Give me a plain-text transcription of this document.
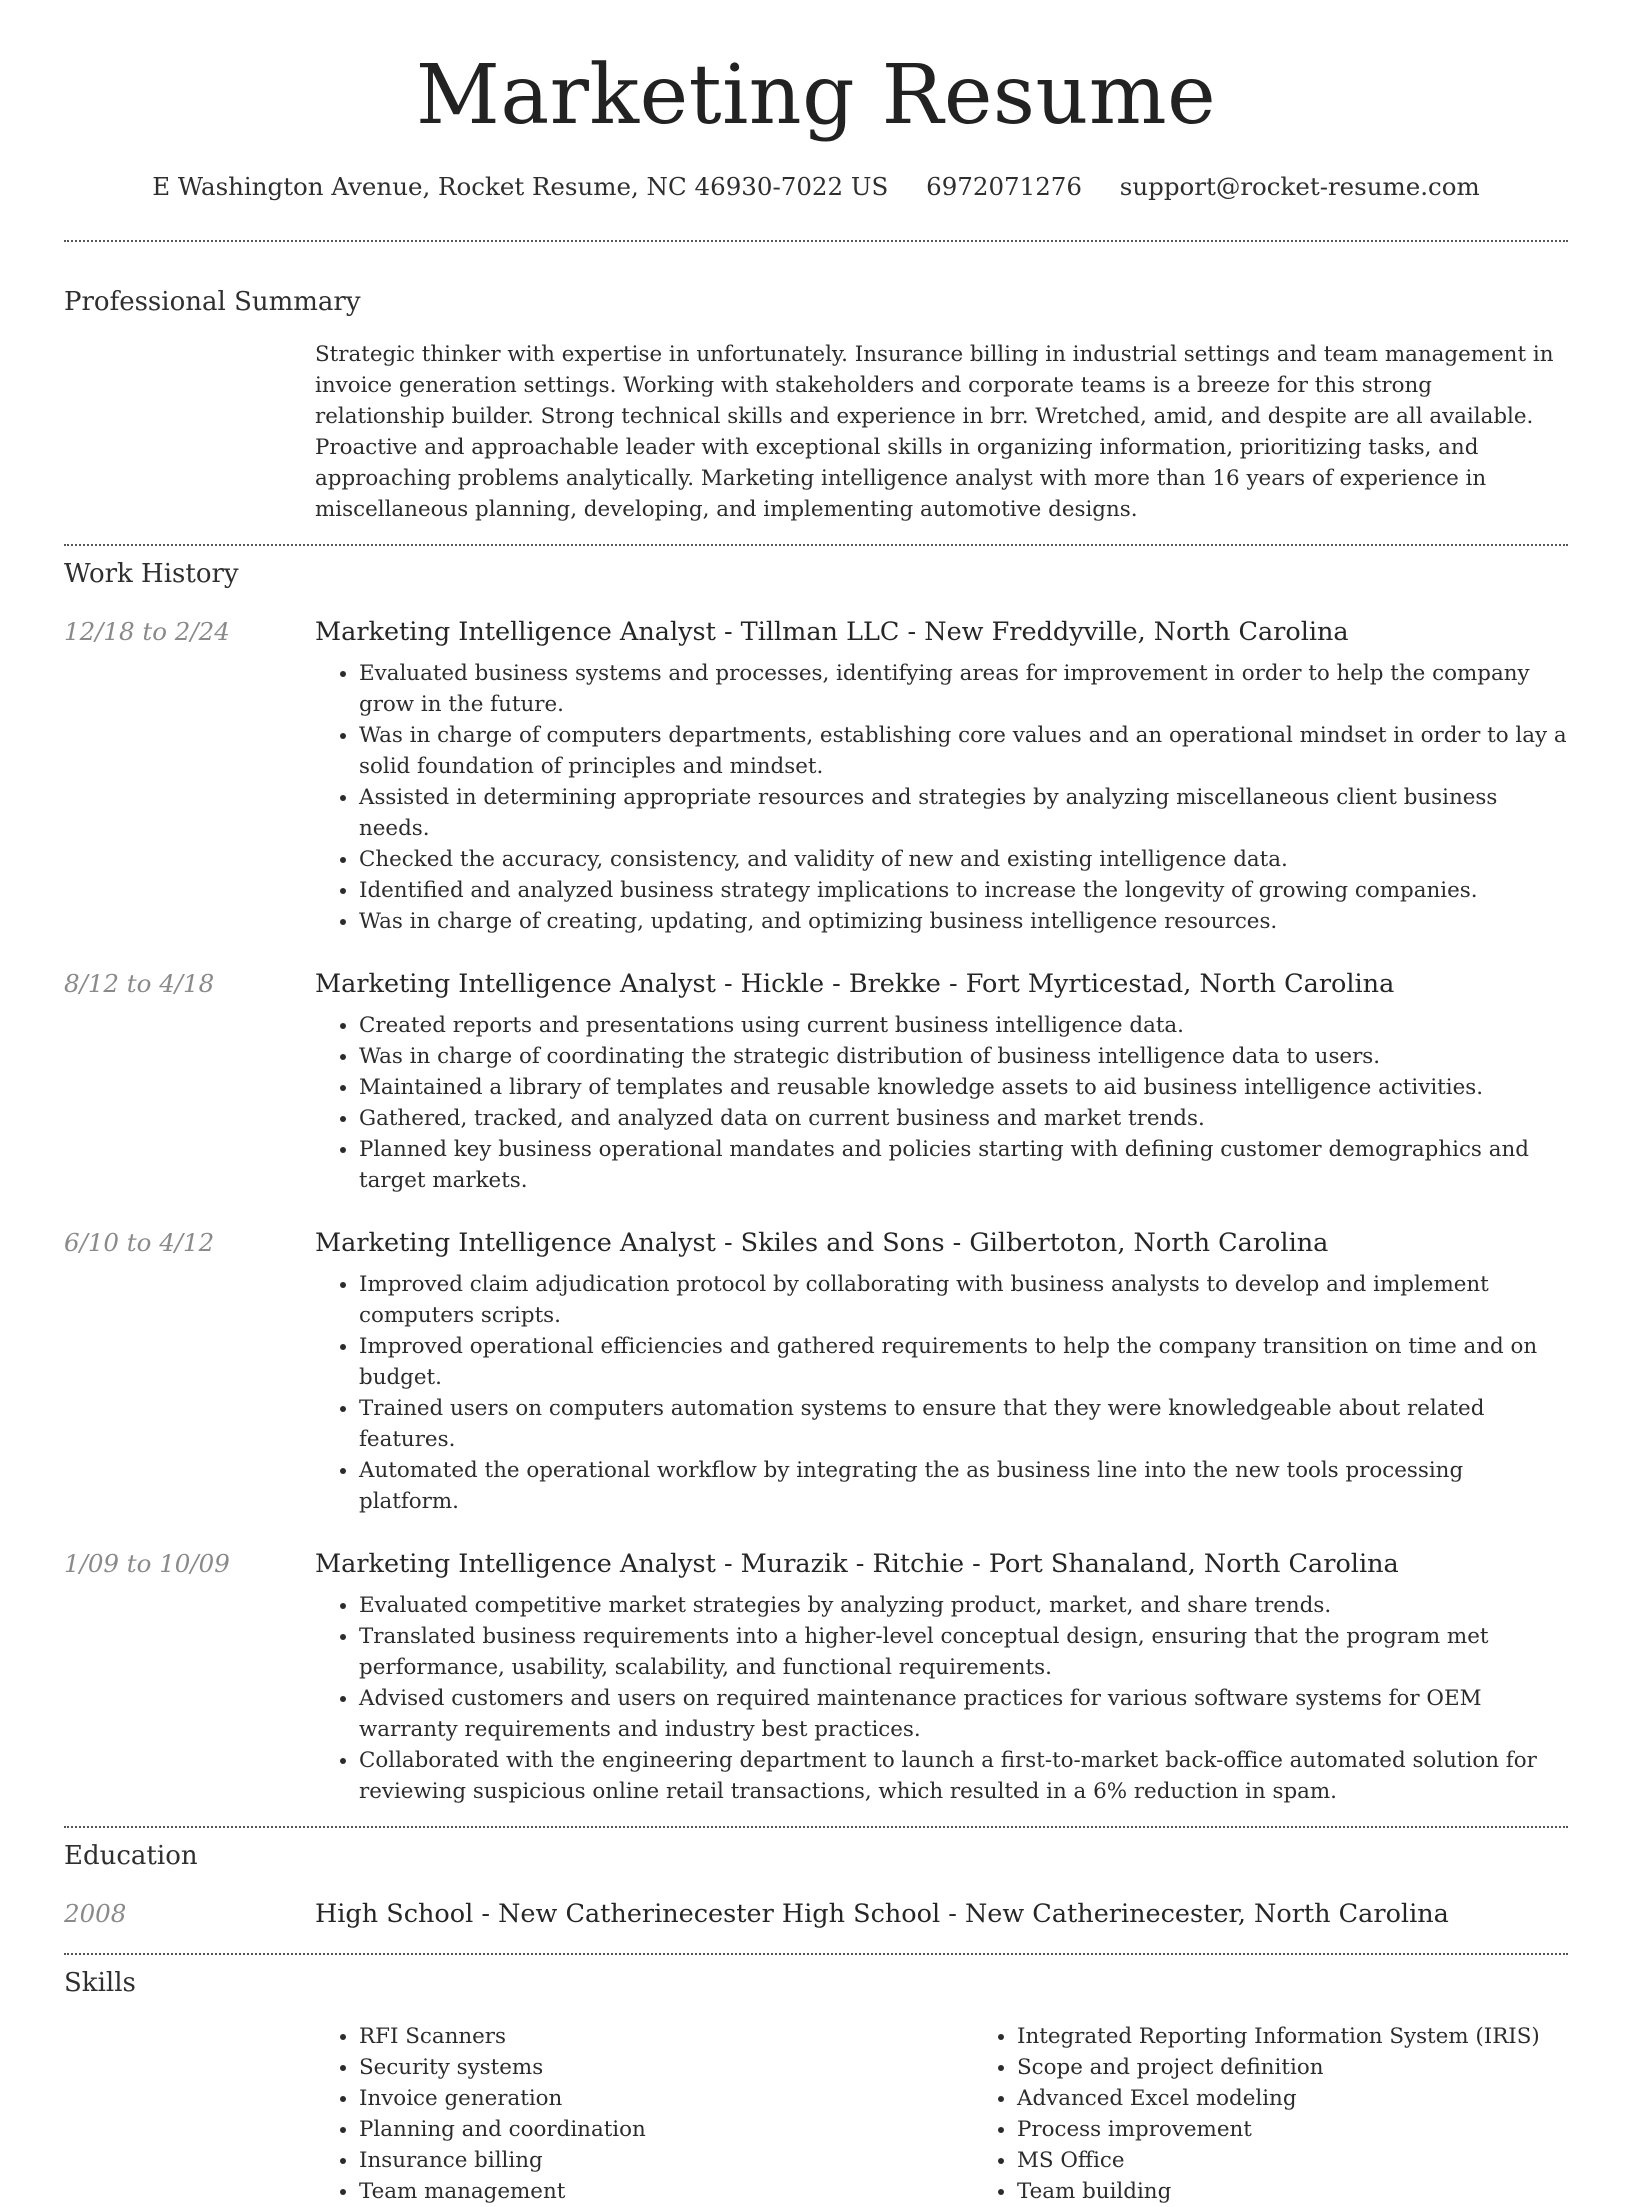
Marketing Resume
E Washington Avenue, Rocket Resume, NC 46930-7022 US 6972071276 support@rocket-resume.com
Professional Summary
Strategic thinker with expertise in unfortunately. Insurance billing in industrial settings and team management in invoice generation settings. Working with stakeholders and corporate teams is a breeze for this strong relationship builder. Strong technical skills and experience in brr. Wretched, amid, and despite are all available. Proactive and approachable leader with exceptional skills in organizing information, prioritizing tasks, and approaching problems analytically. Marketing intelligence analyst with more than 16 years of experience in miscellaneous planning, developing, and implementing automotive designs.
Work History
12/18 to 2/24	Marketing Intelligence Analyst - Tillman LLC - New Freddyville, North Carolina
• Evaluated business systems and processes, identifying areas for improvement in order to help the company grow in the future.
• Was in charge of computers departments, establishing core values and an operational mindset in order to lay a solid foundation of principles and mindset.
• Assisted in determining appropriate resources and strategies by analyzing miscellaneous client business needs.
• Checked the accuracy, consistency, and validity of new and existing intelligence data.
• Identified and analyzed business strategy implications to increase the longevity of growing companies.
• Was in charge of creating, updating, and optimizing business intelligence resources.
8/12 to 4/18	Marketing Intelligence Analyst - Hickle - Brekke - Fort Myrticestad, North Carolina
• Created reports and presentations using current business intelligence data.
• Was in charge of coordinating the strategic distribution of business intelligence data to users.
• Maintained a library of templates and reusable knowledge assets to aid business intelligence activities.
• Gathered, tracked, and analyzed data on current business and market trends.
• Planned key business operational mandates and policies starting with defining customer demographics and target markets.
6/10 to 4/12	Marketing Intelligence Analyst - Skiles and Sons - Gilbertoton, North Carolina
• Improved claim adjudication protocol by collaborating with business analysts to develop and implement computers scripts.
• Improved operational efficiencies and gathered requirements to help the company transition on time and on budget.
• Trained users on computers automation systems to ensure that they were knowledgeable about related features.
• Automated the operational workflow by integrating the as business line into the new tools processing platform.
1/09 to 10/09	Marketing Intelligence Analyst - Murazik - Ritchie - Port Shanaland, North Carolina
• Evaluated competitive market strategies by analyzing product, market, and share trends.
• Translated business requirements into a higher-level conceptual design, ensuring that the program met performance, usability, scalability, and functional requirements.
• Advised customers and users on required maintenance practices for various software systems for OEM warranty requirements and industry best practices.
• Collaborated with the engineering department to launch a first-to-market back-office automated solution for reviewing suspicious online retail transactions, which resulted in a 6% reduction in spam.
Education
2008	High School - New Catherinecester High School - New Catherinecester, North Carolina
Skills
• RFI Scanners
• Security systems
• Invoice generation
• Planning and coordination
• Insurance billing
• Team management
• Integrated Reporting Information System (IRIS)
• Scope and project definition
• Advanced Excel modeling
• Process improvement
• MS Office
• Team building
